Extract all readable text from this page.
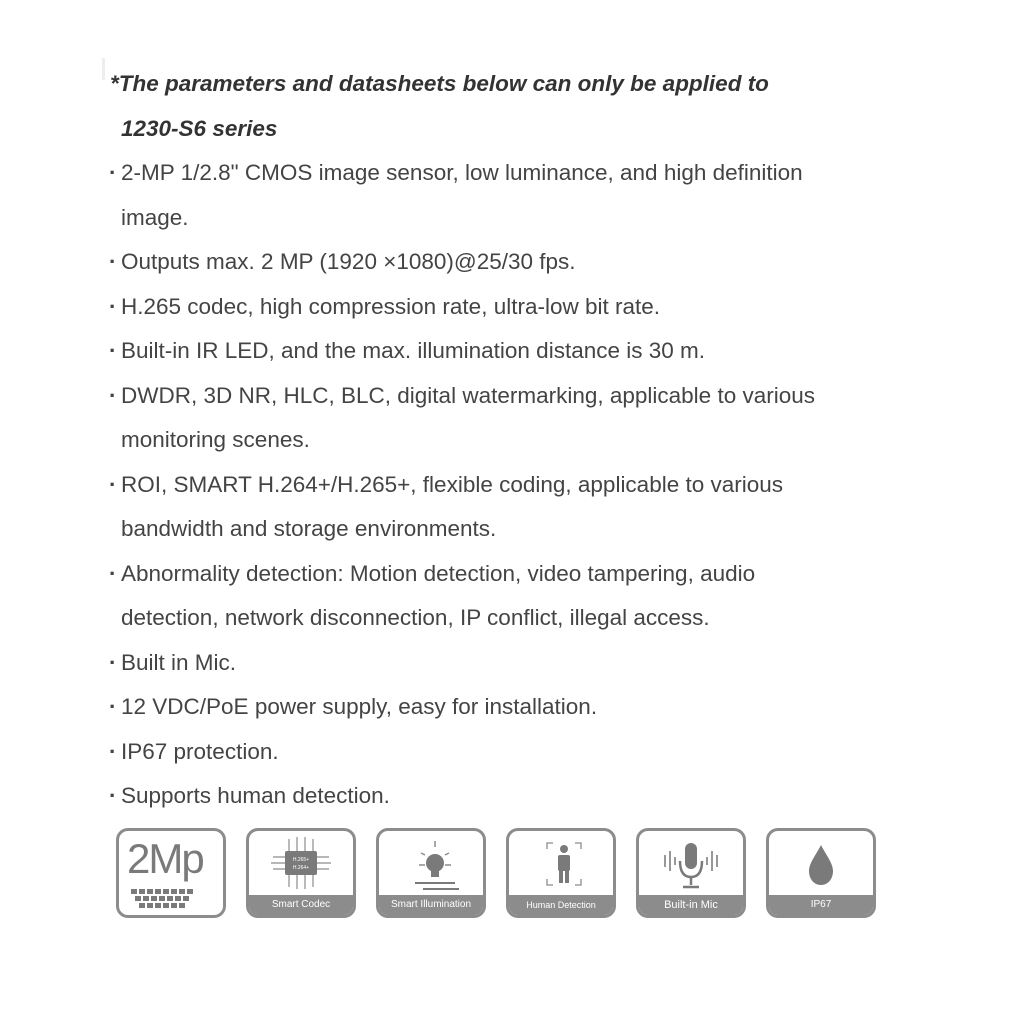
*The parameters and datasheets below can only be applied to
1230-S6 series
· 2-MP 1/2.8" CMOS image sensor, low luminance, and high definition
image.
· Outputs max. 2 MP (1920 ×1080)@25/30 fps.
· H.265 codec, high compression rate, ultra-low bit rate.
· Built-in IR LED, and the max. illumination distance is 30 m.
· DWDR, 3D NR, HLC, BLC, digital watermarking, applicable to various
monitoring scenes.
· ROI, SMART H.264+/H.265+, flexible coding, applicable to various
bandwidth and storage environments.
· Abnormality detection: Motion detection, video tampering, audio
detection, network disconnection, IP conflict, illegal access.
· Built in Mic.
· 12 VDC/PoE power supply, easy for installation.
· IP67 protection.
· Supports human detection.
2Mp	H.265+
H.264+
Smart Codec	Smart Illumination	Human Detection	Built-in Mic	IP67
